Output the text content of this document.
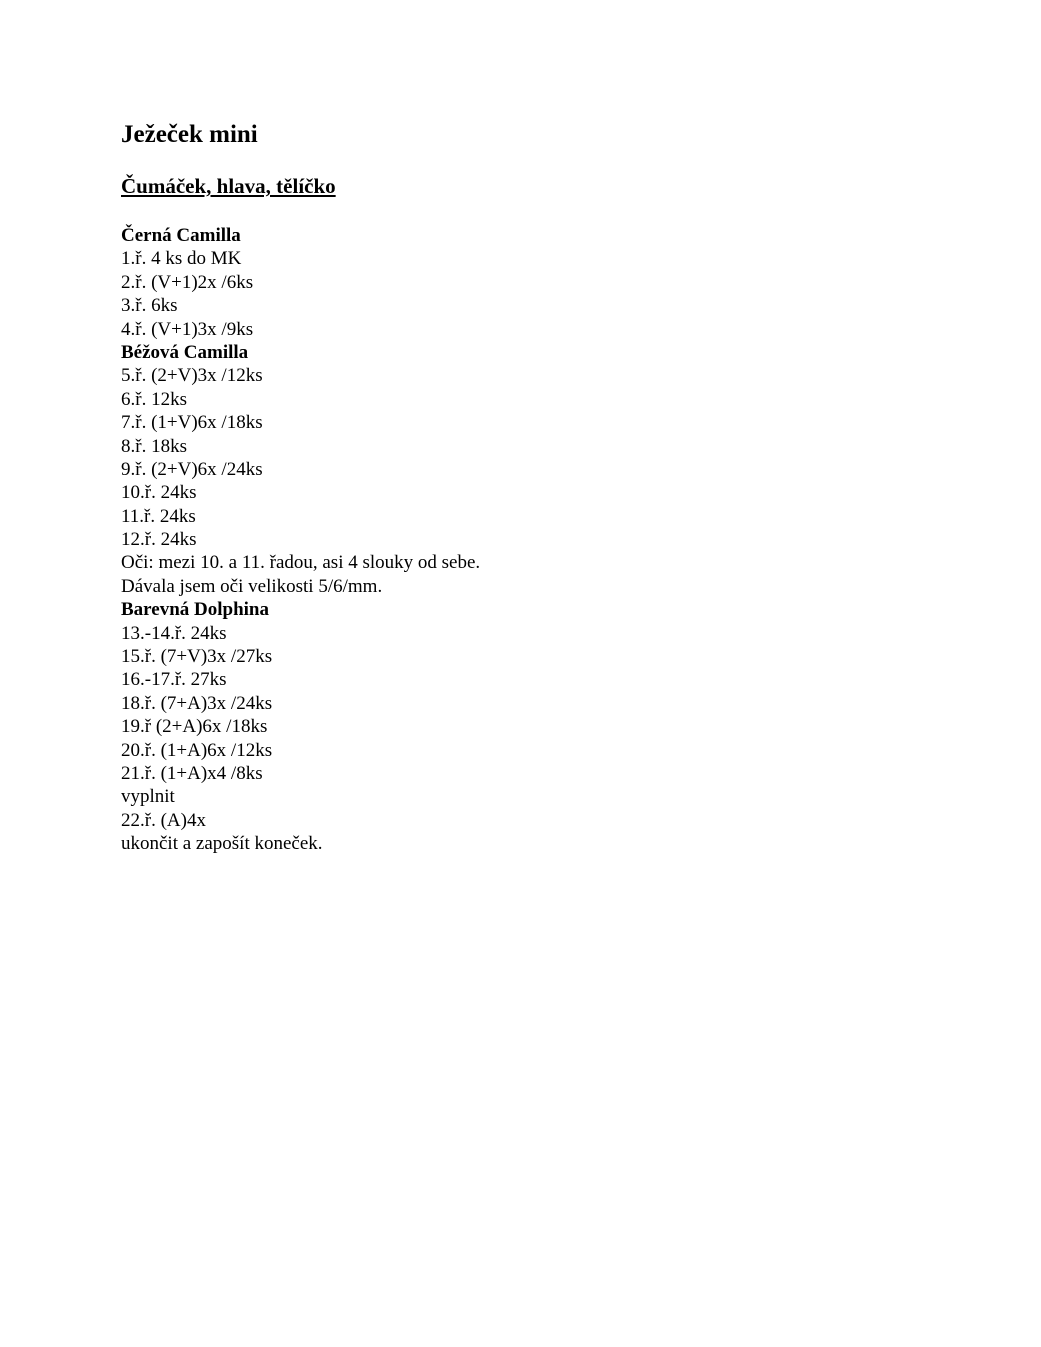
Ježeček mini
Čumáček, hlava, tělíčko
Černá Camilla
1.ř. 4 ks do MK
2.ř. (V+1)2x /6ks
3.ř. 6ks
4.ř. (V+1)3x /9ks
Béžová Camilla
5.ř. (2+V)3x /12ks
6.ř. 12ks
7.ř. (1+V)6x /18ks
8.ř. 18ks
9.ř. (2+V)6x /24ks
10.ř. 24ks
11.ř. 24ks
12.ř. 24ks
Oči: mezi 10. a 11. řadou, asi 4 slouky od sebe.
Dávala jsem oči velikosti 5/6/mm.
Barevná Dolphina
13.-14.ř. 24ks
15.ř. (7+V)3x /27ks
16.-17.ř. 27ks
18.ř. (7+A)3x /24ks
19.ř (2+A)6x /18ks
20.ř. (1+A)6x /12ks
21.ř. (1+A)x4 /8ks
vyplnit
22.ř. (A)4x
ukončit a zapošít koneček.
